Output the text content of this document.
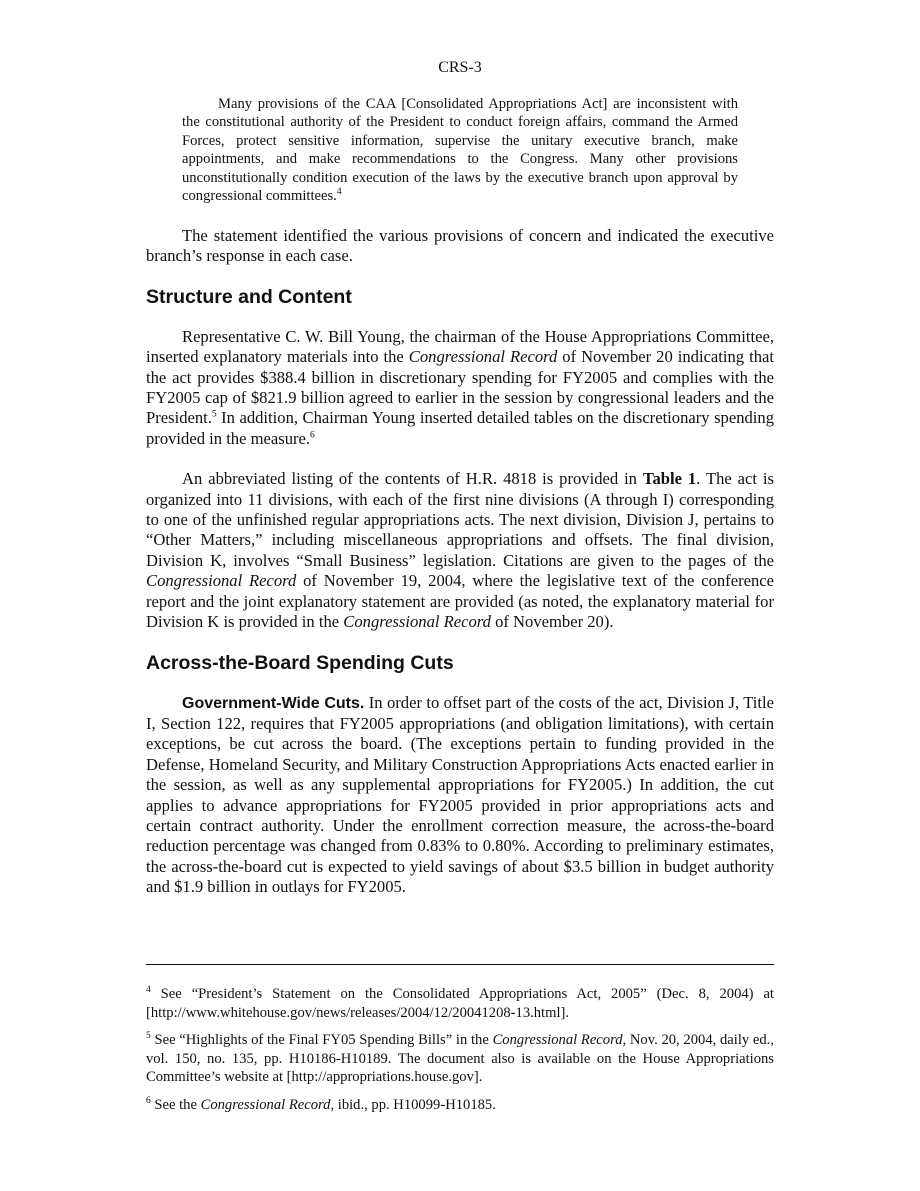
CRS-3

Many provisions of the CAA [Consolidated Appropriations Act] are inconsistent with the constitutional authority of the President to conduct foreign affairs, command the Armed Forces, protect sensitive information, supervise the unitary executive branch, make appointments, and make recommendations to the Congress. Many other provisions unconstitutionally condition execution of the laws by the executive branch upon approval by congressional committees.$^4$

The statement identified the various provisions of concern and indicated the executive branch’s response in each case.

Structure and Content

Representative C. W. Bill Young, the chairman of the House Appropriations Committee, inserted explanatory materials into the Congressional Record of November 20 indicating that the act provides $388.4 billion in discretionary spending for FY2005 and complies with the FY2005 cap of $821.9 billion agreed to earlier in the session by congressional leaders and the President.$^5$ In addition, Chairman Young inserted detailed tables on the discretionary spending provided in the measure.$^6$

An abbreviated listing of the contents of H.R. 4818 is provided in Table 1. The act is organized into 11 divisions, with each of the first nine divisions (A through I) corresponding to one of the unfinished regular appropriations acts. The next division, Division J, pertains to “Other Matters,” including miscellaneous appropriations and offsets. The final division, Division K, involves “Small Business” legislation. Citations are given to the pages of the Congressional Record of November 19, 2004, where the legislative text of the conference report and the joint explanatory statement are provided (as noted, the explanatory material for Division K is provided in the Congressional Record of November 20).

Across-the-Board Spending Cuts

Government-Wide Cuts. In order to offset part of the costs of the act, Division J, Title I, Section 122, requires that FY2005 appropriations (and obligation limitations), with certain exceptions, be cut across the board. (The exceptions pertain to funding provided in the Defense, Homeland Security, and Military Construction Appropriations Acts enacted earlier in the session, as well as any supplemental appropriations for FY2005.) In addition, the cut applies to advance appropriations for FY2005 provided in prior appropriations acts and certain contract authority. Under the enrollment correction measure, the across-the-board reduction percentage was changed from 0.83% to 0.80%. According to preliminary estimates, the across-the-board cut is expected to yield savings of about $3.5 billion in budget authority and $1.9 billion in outlays for FY2005.

$^4$ See “President’s Statement on the Consolidated Appropriations Act, 2005” (Dec. 8, 2004) at [http://www.whitehouse.gov/news/releases/2004/12/20041208-13.html].

$^5$ See “Highlights of the Final FY05 Spending Bills” in the Congressional Record, Nov. 20, 2004, daily ed., vol. 150, no. 135, pp. H10186-H10189. The document also is available on the House Appropriations Committee’s website at [http://appropriations.house.gov].

$^6$ See the Congressional Record, ibid., pp. H10099-H10185.
